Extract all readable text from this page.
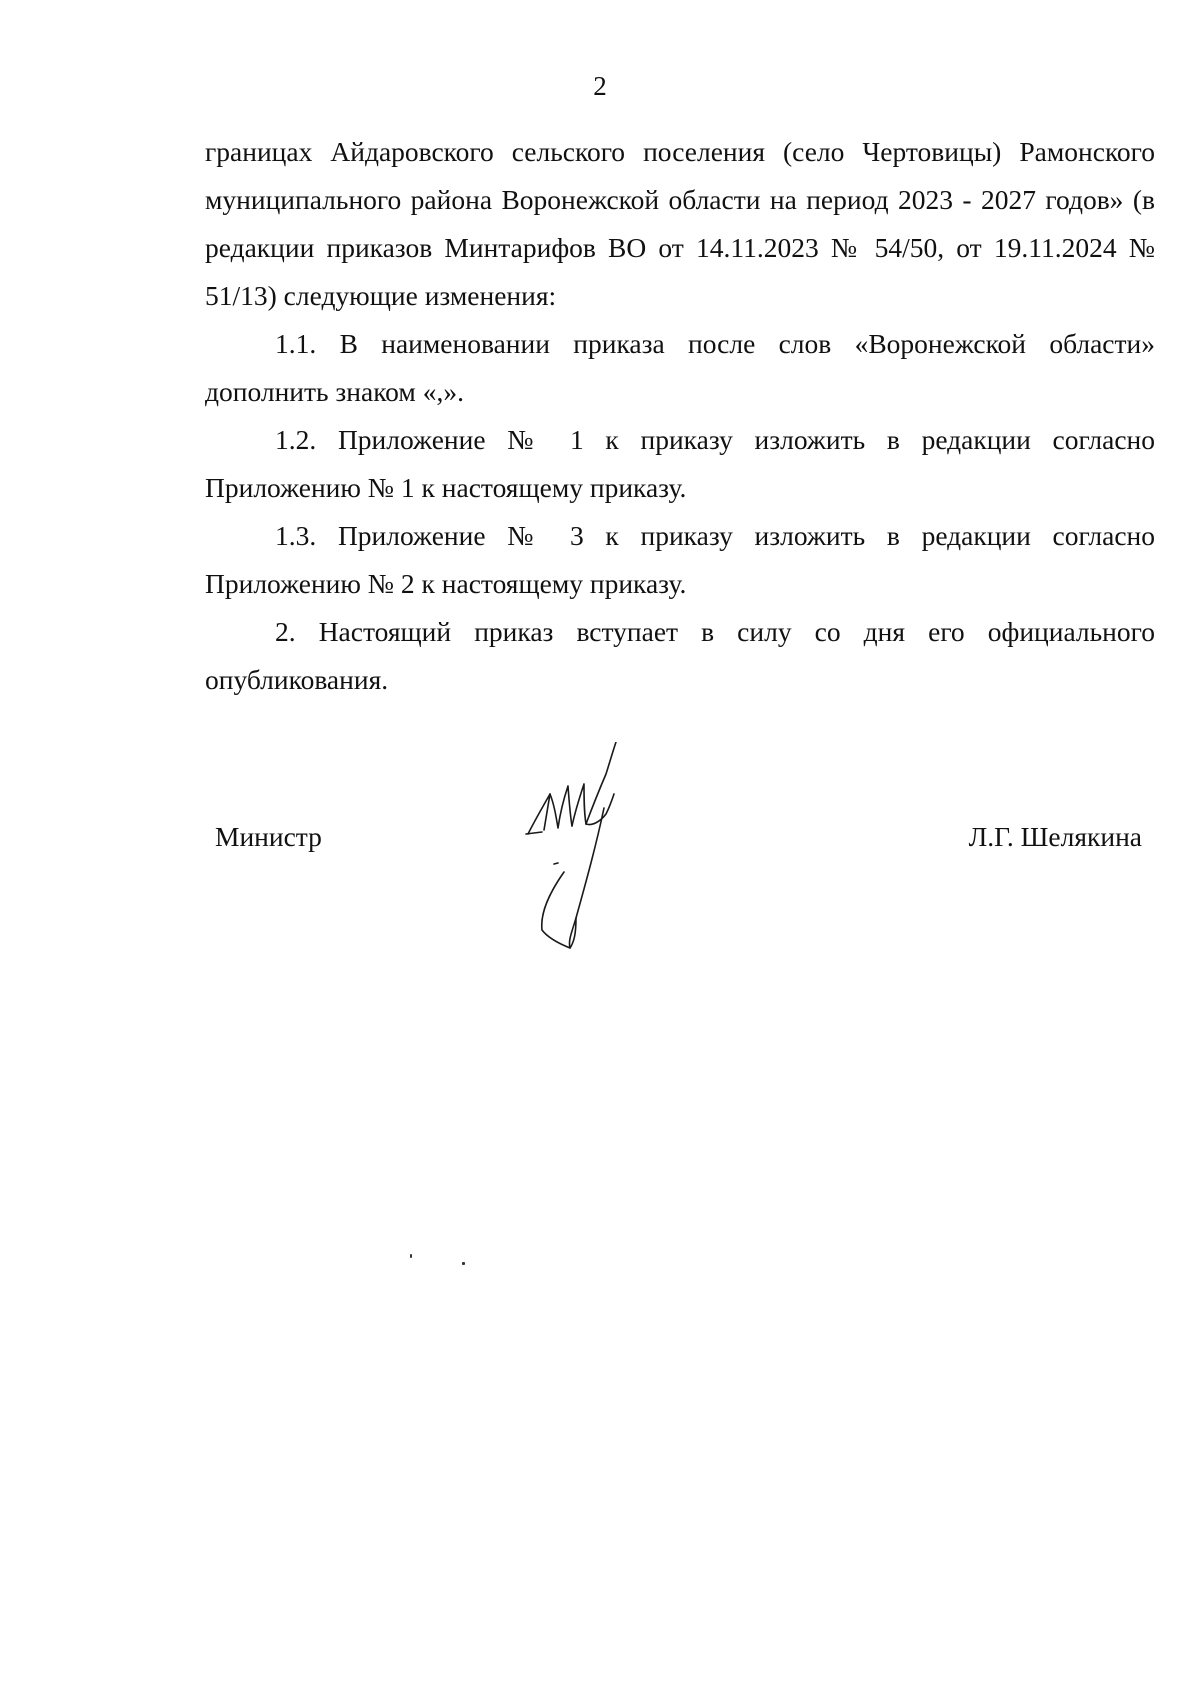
2

границах Айдаровского сельского поселения (село Чертовицы) Рамонского муниципального района Воронежской области на период 2023 - 2027 годов» (в редакции приказов Минтарифов ВО от 14.11.2023 № 54/50, от 19.11.2024 № 51/13) следующие изменения:

1.1. В наименовании приказа после слов «Воронежской области» дополнить знаком «,».

1.2. Приложение № 1 к приказу изложить в редакции согласно Приложению № 1 к настоящему приказу.

1.3. Приложение № 3 к приказу изложить в редакции согласно Приложению № 2 к настоящему приказу.

2. Настоящий приказ вступает в силу со дня его официального опубликования.

Министр	Л.Г. Шелякина
